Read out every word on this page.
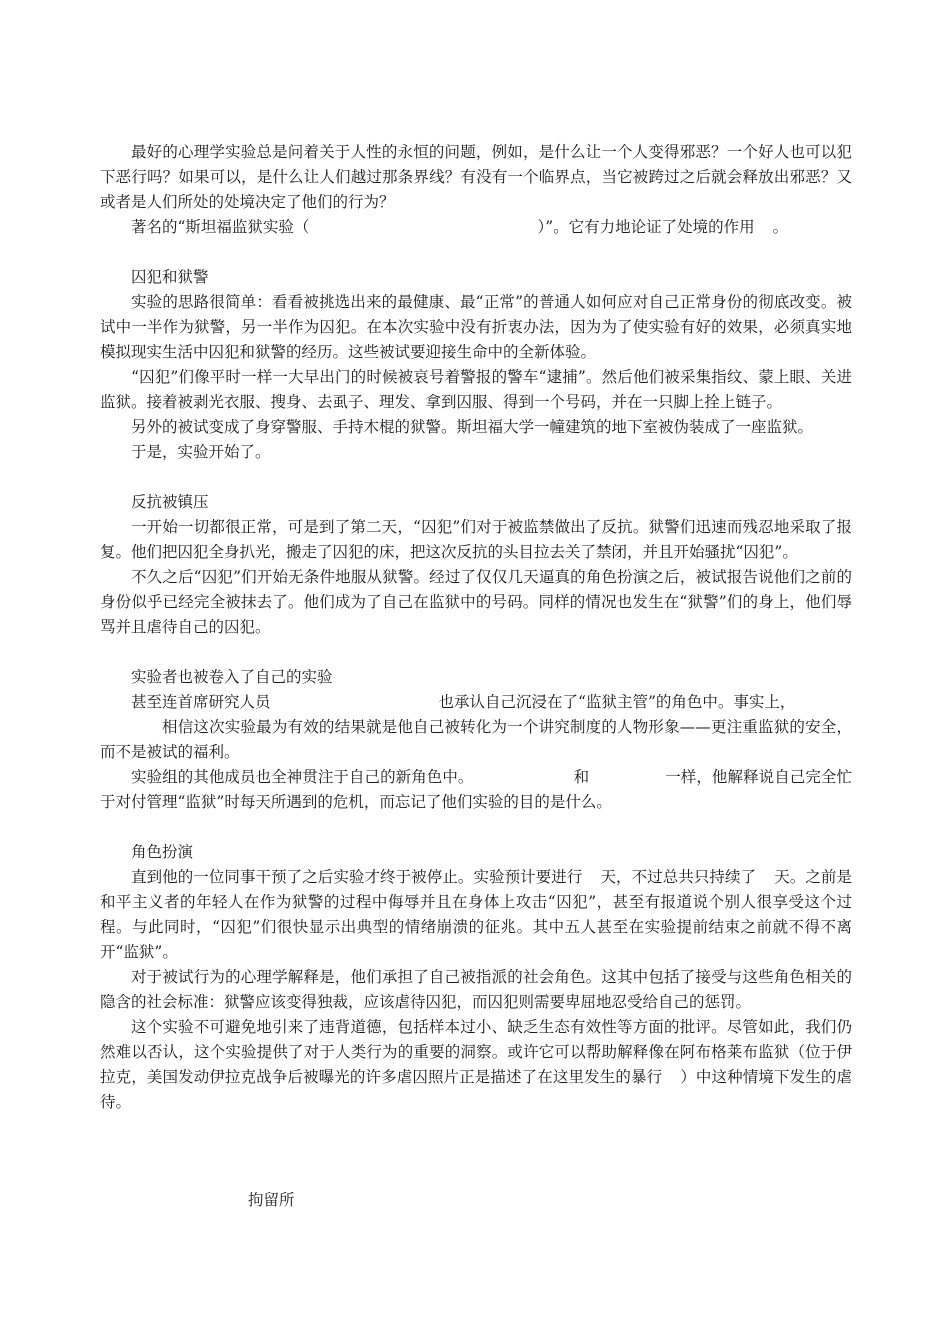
最好的心理学实验总是问着关于人性的永恒的问题，例如，是什么让一个人变得邪恶？一个好人也可以犯下恶行吗？如果可以，是什么让人们越过那条界线？有没有一个临界点，当它被跨过之后就会释放出邪恶？又或者是人们所处的处境决定了他们的行为？

著名的“斯坦福监狱实验（	）”。它有力地论证了处境的作用 。

囚犯和狱警

实验的思路很简单：看看被挑选出来的最健康、最“正常”的普通人如何应对自己正常身份的彻底改变。被试中一半作为狱警，另一半作为囚犯。在本次实验中没有折衷办法，因为为了使实验有好的效果，必须真实地模拟现实生活中囚犯和狱警的经历。这些被试要迎接生命中的全新体验。

“囚犯”们像平时一样一大早出门的时候被哀号着警报的警车“逮捕”。然后他们被采集指纹、蒙上眼、关进监狱。接着被剥光衣服、搜身、去虱子、理发、拿到囚服、得到一个号码，并在一只脚上拴上链子。

另外的被试变成了身穿警服、手持木棍的狱警。斯坦福大学一幢建筑的地下室被伪装成了一座监狱。

于是，实验开始了。

反抗被镇压

一开始一切都很正常，可是到了第二天，“囚犯”们对于被监禁做出了反抗。狱警们迅速而残忍地采取了报复。他们把囚犯全身扒光，搬走了囚犯的床，把这次反抗的头目拉去关了禁闭，并且开始骚扰“囚犯”。

不久之后“囚犯”们开始无条件地服从狱警。经过了仅仅几天逼真的角色扮演之后，被试报告说他们之前的身份似乎已经完全被抹去了。他们成为了自己在监狱中的号码。同样的情况也发生在“狱警”们的身上，他们辱骂并且虐待自己的囚犯。

实验者也被卷入了自己的实验

甚至连首席研究人员	也承认自己沉浸在了“监狱主管”的角色中。事实上，

相信这次实验最为有效的结果就是他自己被转化为一个讲究制度的人物形象——更注重监狱的安全，而不是被试的福利。

实验组的其他成员也全神贯注于自己的新角色中。	和	一样，他解释说自己完全忙于对付管理“监狱”时每天所遇到的危机，而忘记了他们实验的目的是什么。

角色扮演

直到他的一位同事干预了之后实验才终于被停止。实验预计要进行 天，不过总共只持续了 天。之前是和平主义者的年轻人在作为狱警的过程中侮辱并且在身体上攻击“囚犯”，甚至有报道说个别人很享受这个过程。与此同时，“囚犯”们很快显示出典型的情绪崩溃的征兆。其中五人甚至在实验提前结束之前就不得不离开“监狱”。

对于被试行为的心理学解释是，他们承担了自己被指派的社会角色。这其中包括了接受与这些角色相关的隐含的社会标准：狱警应该变得独裁，应该虐待囚犯，而囚犯则需要卑屈地忍受给自己的惩罚。

这个实验不可避免地引来了违背道德，包括样本过小、缺乏生态有效性等方面的批评。尽管如此，我们仍然难以否认，这个实验提供了对于人类行为的重要的洞察。或许它可以帮助解释像在阿布格莱布监狱（位于伊拉克，美国发动伊拉克战争后被曝光的许多虐囚照片正是描述了在这里发生的暴行 ）中这种情境下发生的虐待。

拘留所
